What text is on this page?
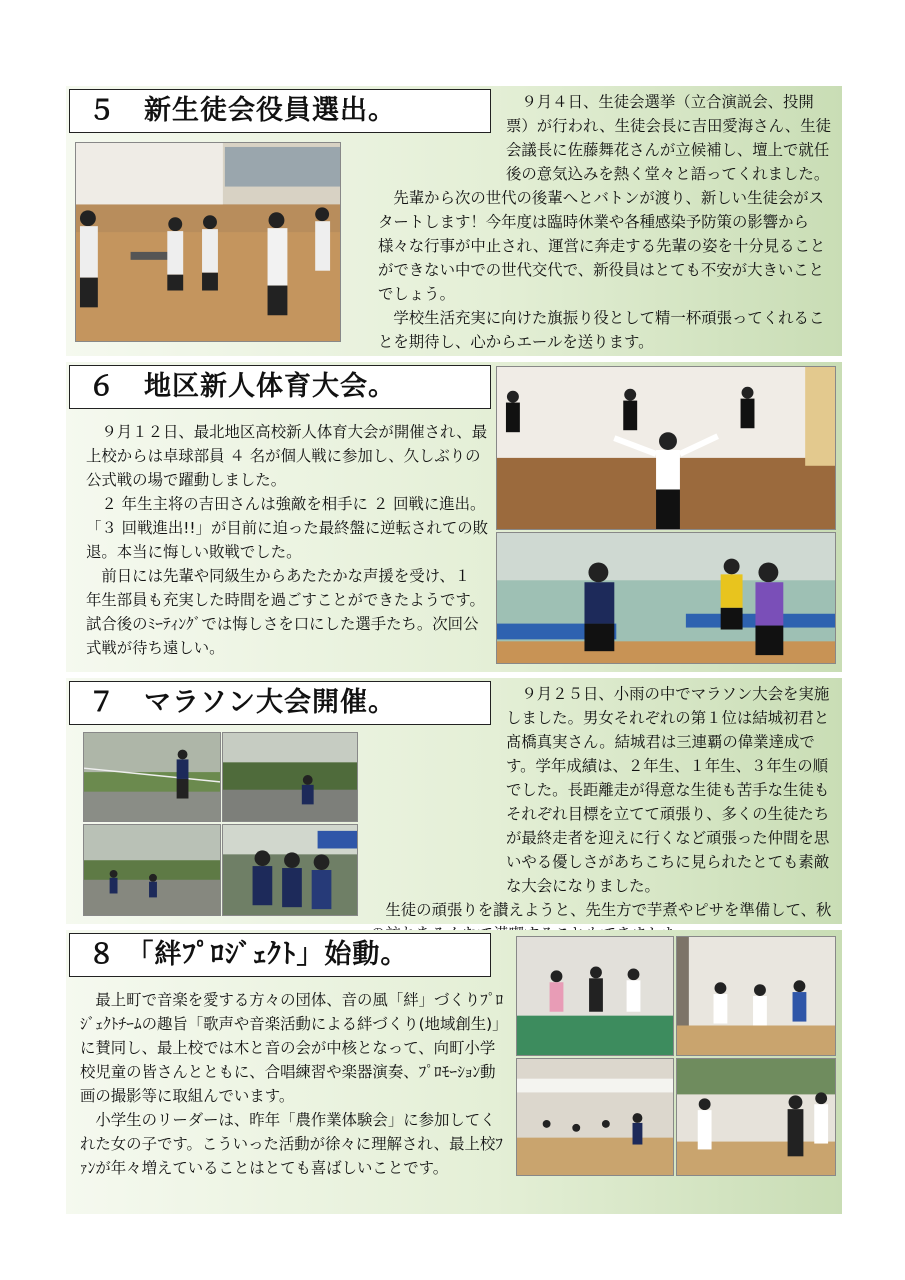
５　新生徒会役員選出。	　９月４日、生徒会選挙（立合演説会、投開票）が行われ、生徒会長に吉田愛海さん、生徒会議長に佐藤舞花さんが立候補し、壇上で就任後の意気込みを熱く堂々と語ってくれました。

　先輩から次の世代の後輩へとバトンが渡り、新しい生徒会がスタートします！今年度は臨時休業や各種感染予防策の影響から様々な行事が中止され、運営に奔走する先輩の姿を十分見ることができない中での世代交代で、新役員はとても不安が大きいことでしょう。

　学校生活充実に向けた旗振り役として精一杯頑張ってくれることを期待し、心からエールを送ります。

６　地区新人体育大会。

　９月１２日、最北地区高校新人体育大会が開催され、最上校からは卓球部員 ４ 名が個人戦に参加し、久しぶりの公式戦の場で躍動しました。

　２ 年生主将の吉田さんは強敵を相手に ２ 回戦に進出。「３ 回戦進出!!」が目前に迫った最終盤に逆転されての敗退。本当に悔しい敗戦でした。

　前日には先輩や同級生からあたたかな声援を受け、１ 年生部員も充実した時間を過ごすことができたようです。試合後のﾐｰﾃｨﾝｸﾞでは悔しさを口にした選手たち。次回公式戦が待ち遠しい。

７　マラソン大会開催。	　９月２５日、小雨の中でマラソン大会を実施しました。男女それぞれの第１位は結城初君と髙橋真実さん。結城君は三連覇の偉業達成です。学年成績は、２年生、１年生、３年生の順でした。長距離走が得意な生徒も苦手な生徒もそれぞれ目標を立てて頑張り、多くの生徒たちが最終走者を迎えに行くなど頑張った仲間を思いやる優しさがあちこちに見られたとても素敵な大会になりました。

　生徒の頑張りを讃えようと、先生方で芋煮やピサを準備して、秋

８ 「絆ﾌﾟﾛｼﾞｪｸﾄ」始動。

　最上町で音楽を愛する方々の団体、音の風「絆」づくりﾌﾟﾛｼﾞｪｸﾄﾁｰﾑの趣旨「歌声や音楽活動による絆づくり(地域創生)」に賛同し、最上校では木と音の会が中核となって、向町小学校児童の皆さんとともに、合唱練習や楽器演奏、ﾌﾟﾛﾓｰｼｮﾝ動画の撮影等に取組んでいます。

　小学生のリーダーは、昨年「農作業体験会」に参加してくれた女の子です。こういった活動が徐々に理解され、最上校ﾌｧﾝが年々増えていることはとても喜ばしいことです。
